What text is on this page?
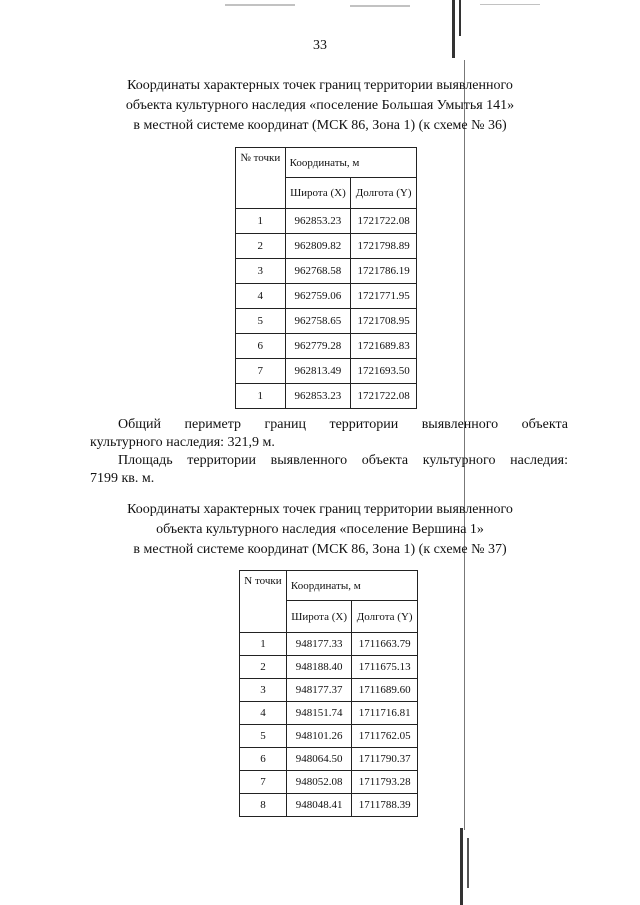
33
Координаты характерных точек границ территории выявленного
объекта культурного наследия «поселение Большая Умытья 141»
в местной системе координат (МСК 86, Зона 1) (к схеме № 36)
№ точки	Координаты, м	
	Широта (X)	Долгота (Y)
1	962853.23	1721722.08
2	962809.82	1721798.89
3	962768.58	1721786.19
4	962759.06	1721771.95
5	962758.65	1721708.95
6	962779.28	1721689.83
7	962813.49	1721693.50
1	962853.23	1721722.08
Общий периметр границ территории выявленного объекта
культурного наследия: 321,9 м.
Площадь территории выявленного объекта культурного наследия:
7199 кв. м.
Координаты характерных точек границ территории выявленного
объекта культурного наследия «поселение Вершина 1»
в местной системе координат (МСК 86, Зона 1) (к схеме № 37)
N точки	Координаты, м	
	Широта (X)	Долгота (Y)
1	948177.33	1711663.79
2	948188.40	1711675.13
3	948177.37	1711689.60
4	948151.74	1711716.81
5	948101.26	1711762.05
6	948064.50	1711790.37
7	948052.08	1711793.28
8	948048.41	1711788.39
